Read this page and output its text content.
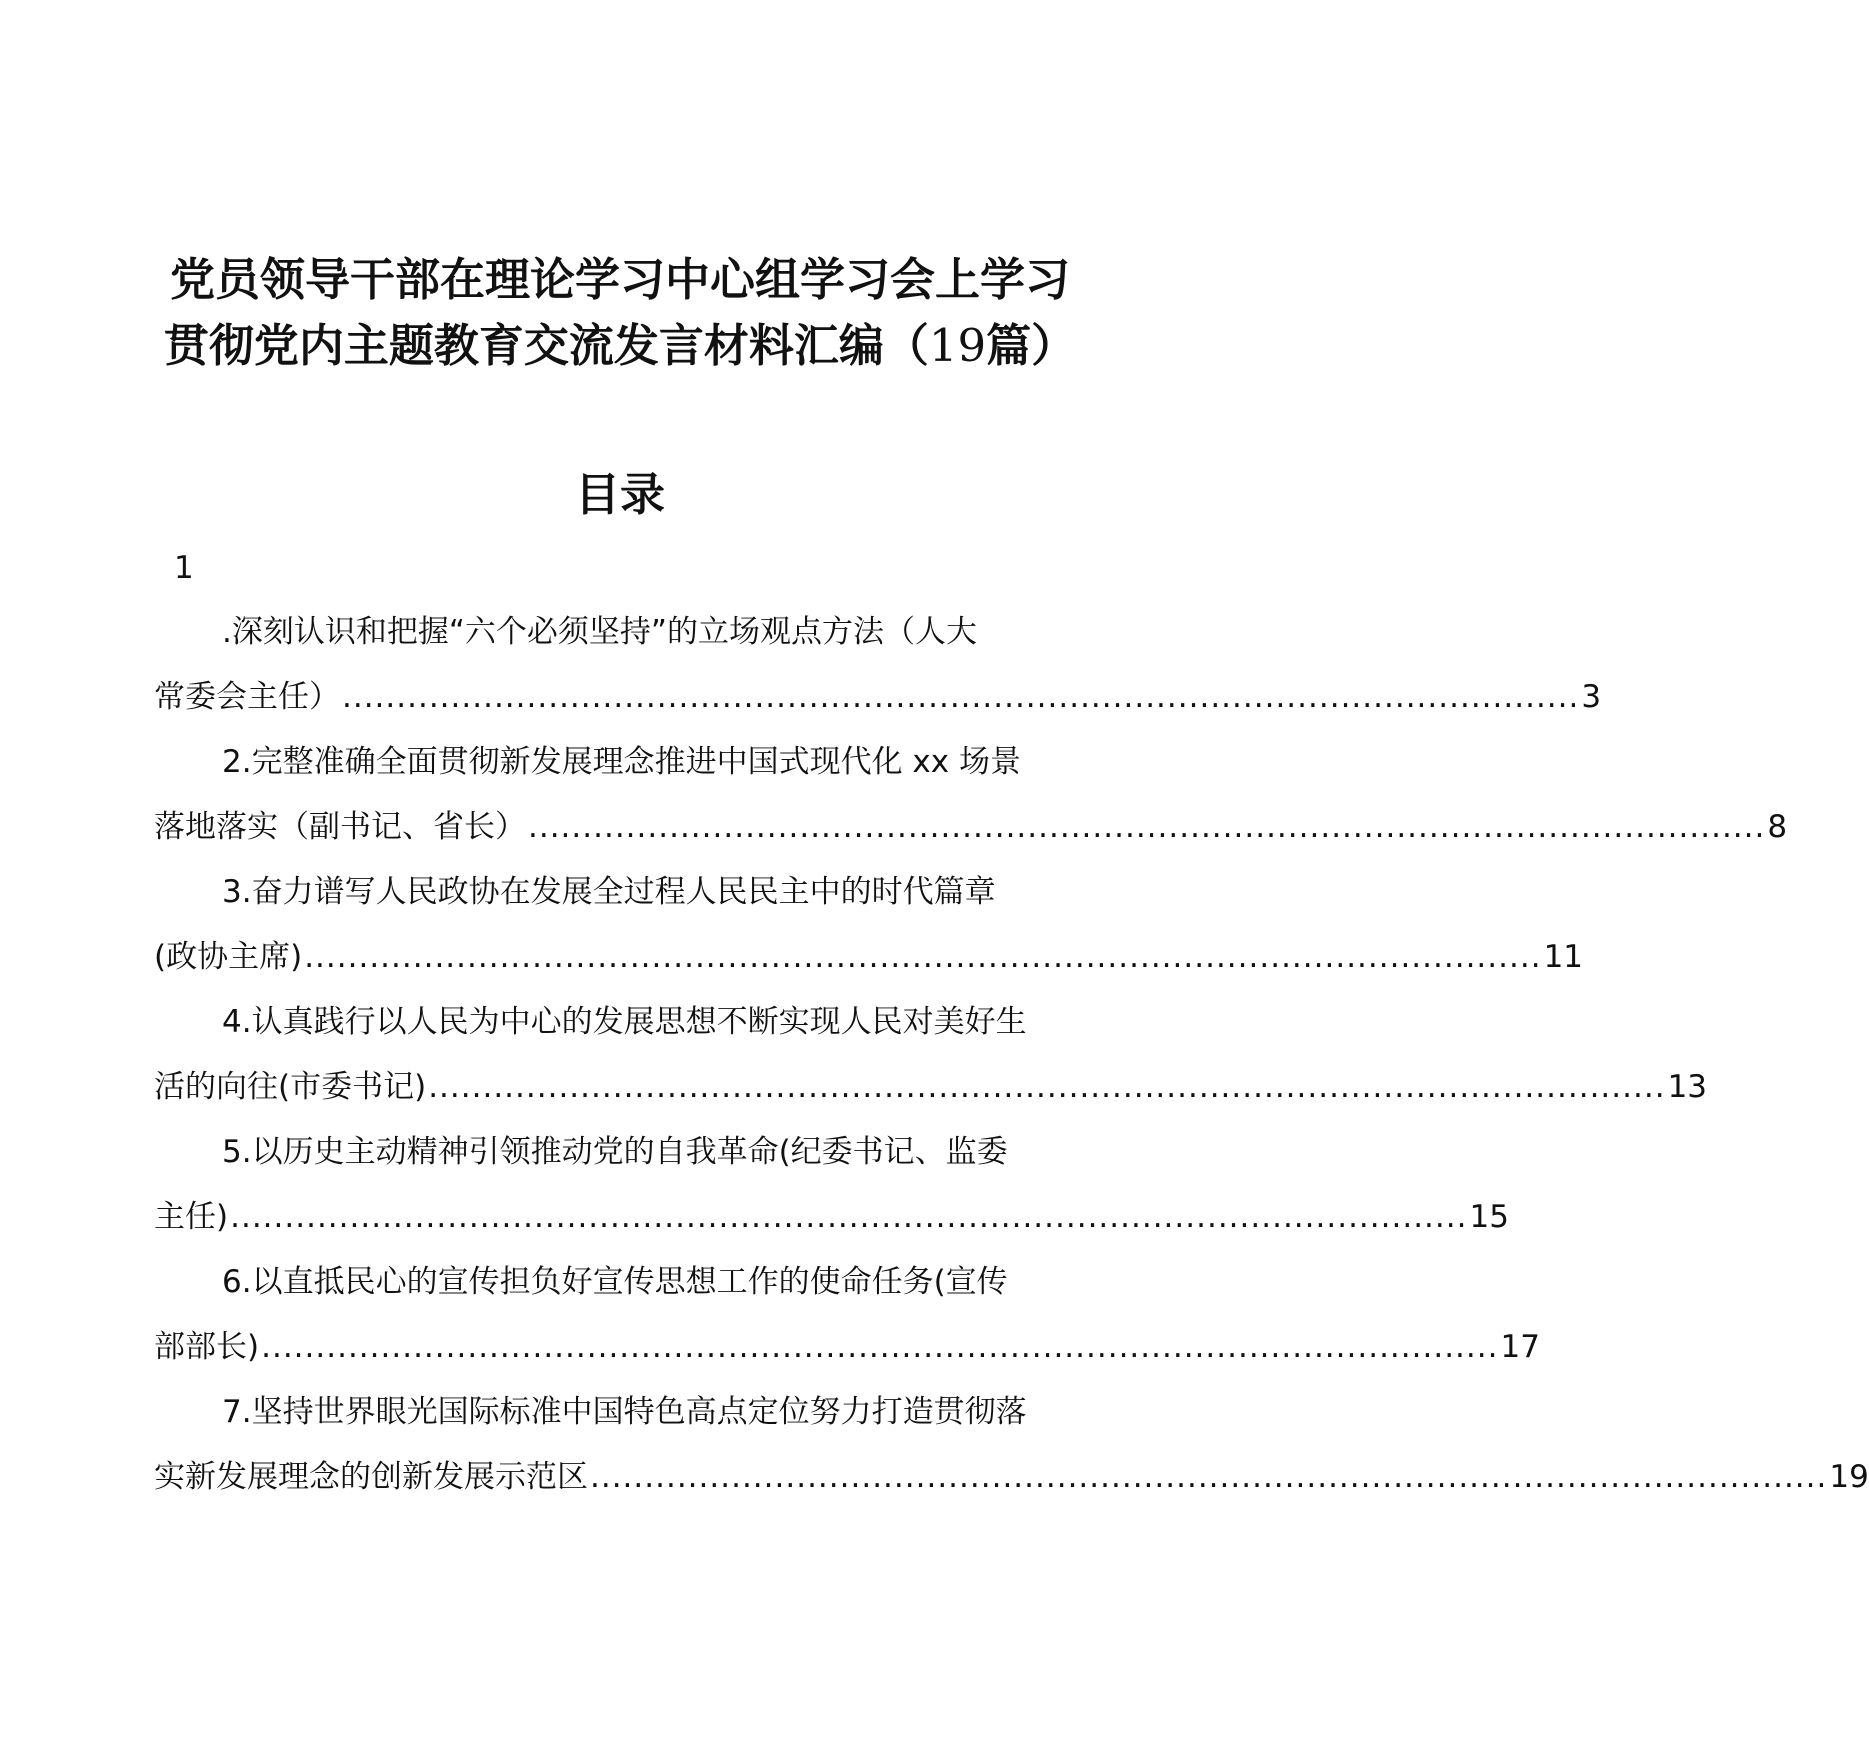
党员领导干部在理论学习中心组学习会上学习
贯彻党内主题教育交流发言材料汇编（19篇）
目录
1
.深刻认识和把握“六个必须坚持”的立场观点方法（人大
常委会主任） .................................................................................................................. 3
2.完整准确全面贯彻新发展理念推进中国式现代化 xx 场景
落地落实（副书记、省长） .................................................................................................................. 8
3.奋力谱写人民政协在发展全过程人民民主中的时代篇章
(政协主席) .................................................................................................................. 11
4.认真践行以人民为中心的发展思想不断实现人民对美好生
活的向往(市委书记) .................................................................................................................. 13
5.以历史主动精神引领推动党的自我革命(纪委书记、监委
主任) .................................................................................................................. 15
6.以直抵民心的宣传担负好宣传思想工作的使命任务(宣传
部部长) .................................................................................................................. 17
7.坚持世界眼光国际标准中国特色高点定位努力打造贯彻落
实新发展理念的创新发展示范区 .................................................................................................................. 19
